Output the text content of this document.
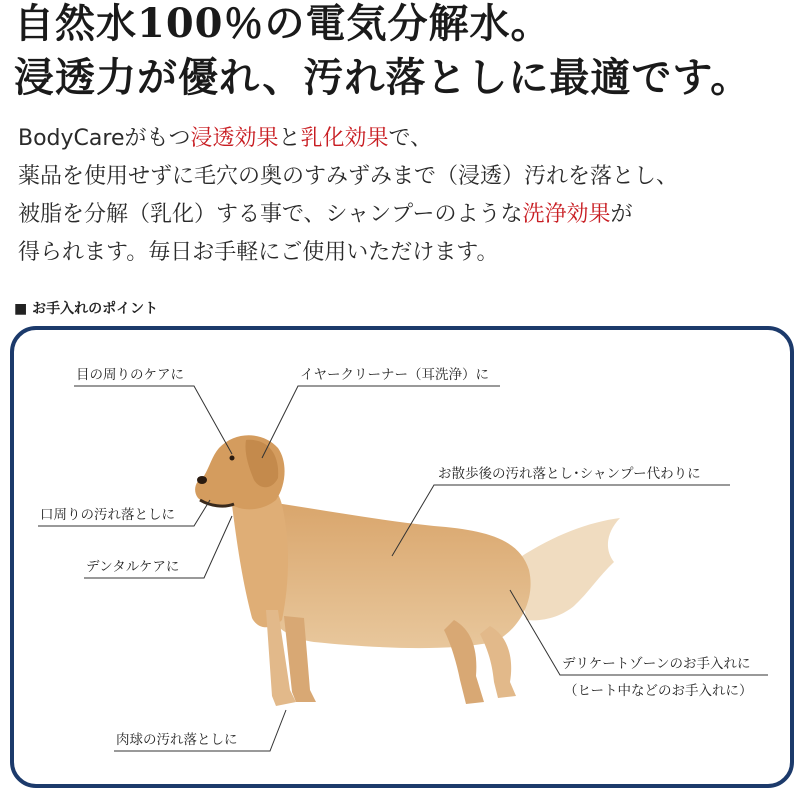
自然水100％の電気分解水。
浸透力が優れ、汚れ落としに最適です。

BodyCareがもつ浸透効果と乳化効果で、

薬品を使用せずに毛穴の奥のすみずみまで（浸透）汚れを落とし、

被脂を分解（乳化）する事で、シャンプーのような洗浄効果が

得られます。毎日お手軽にご使用いただけます。

■ お手入れのポイント
目の周りのケアに	イヤークリーナー（耳洗浄）に
お散歩後の汚れ落とし･シャンプー代わりに
口周りの汚れ落としに
デンタルケアに
デリケートゾーンのお手入れに
（ヒート中などのお手入れに）
肉球の汚れ落としに
